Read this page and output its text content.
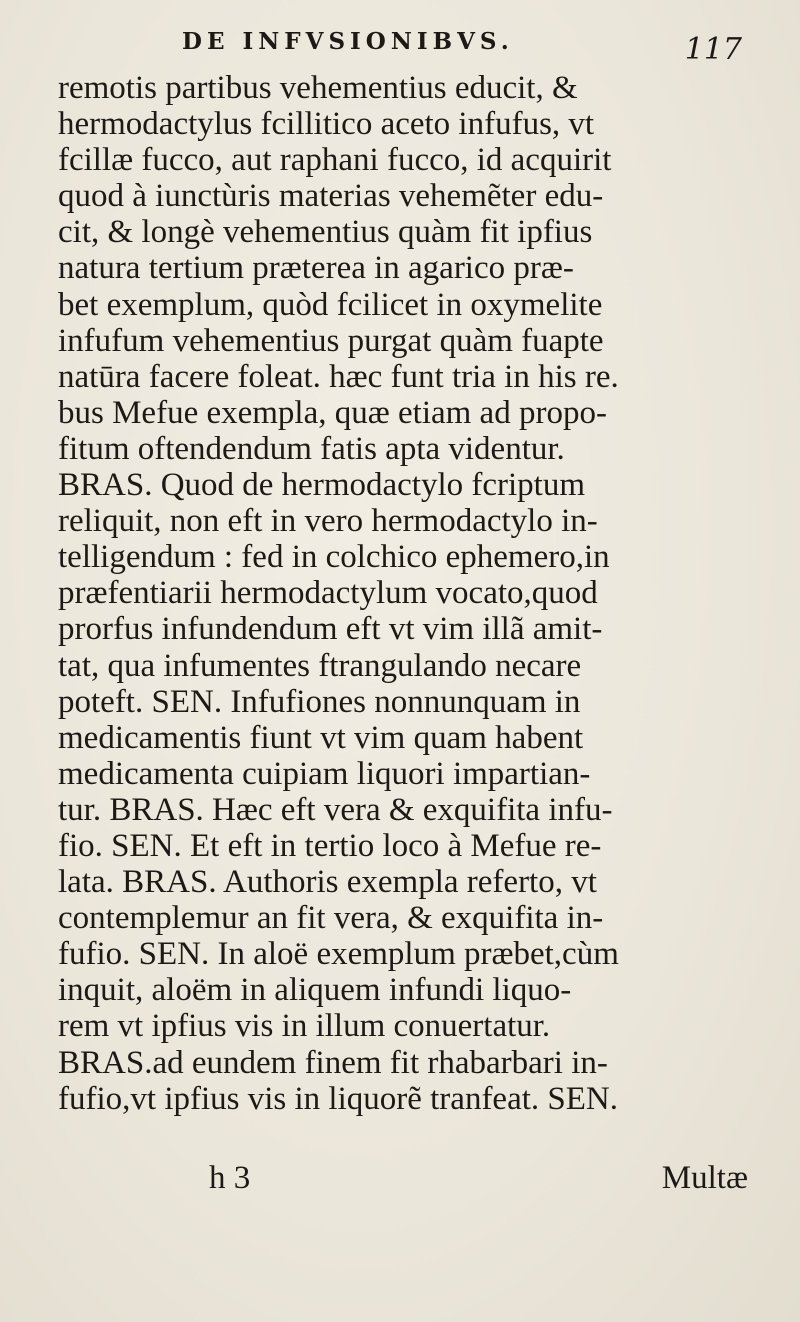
DE INFVSIONIBVS.	117
remotis partibus vehementius educit, &
hermodactylus fcillitico aceto infufus, vt
fcillæ fucco, aut raphani fucco, id acquirit
quod à iunctùris materias vehemẽter edu-
cit, & longè vehementius quàm fit ipfius
natura tertium præterea in agarico præ-
bet exemplum, quòd fcilicet in oxymelite
infufum vehementius purgat quàm fuapte
natūra facere foleat. hæc funt tria in his re.
bus Mefue exempla, quæ etiam ad propo-
fitum oftendendum fatis apta videntur.
BRAS. Quod de hermodactylo fcriptum
reliquit, non eft in vero hermodactylo in-
telligendum : fed in colchico ephemero,in
præfentiarii hermodactylum vocato,quod
prorfus infundendum eft vt vim illã amit-
tat, qua infumentes ftrangulando necare
poteft. SEN. Infufiones nonnunquam in
medicamentis fiunt vt vim quam habent
medicamenta cuipiam liquori impartian-
tur. BRAS. Hæc eft vera & exquifita infu-
fio. SEN. Et eft in tertio loco à Mefue re-
lata. BRAS. Authoris exempla referto, vt
contemplemur an fit vera, & exquifita in-
fufio. SEN. In aloë exemplum præbet,cùm
inquit, aloëm in aliquem infundi liquo-
rem vt ipfius vis in illum conuertatur.
BRAS.ad eundem finem fit rhabarbari in-
fufio,vt ipfius vis in liquorẽ tranfeat. SEN.
h 3	Multæ
